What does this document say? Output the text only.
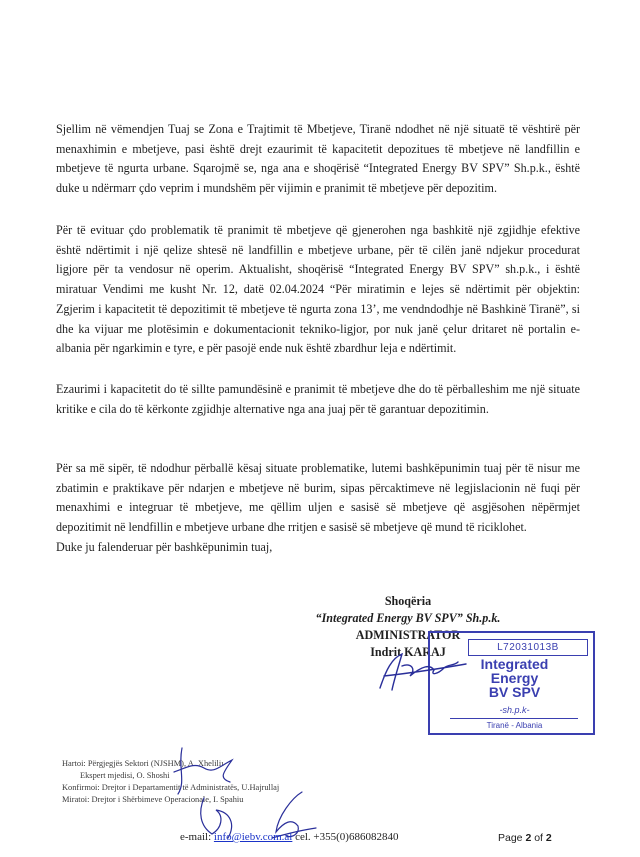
Sjellim në vëmendjen Tuaj se Zona e Trajtimit të Mbetjeve, Tiranë ndodhet në një situatë të vështirë për menaxhimin e mbetjeve, pasi është drejt ezaurimit të kapacitetit depozitues të mbetjeve në landfillin e mbetjeve të ngurta urbane. Sqarojmë se, nga ana e shoqërisë “Integrated Energy BV SPV” Sh.p.k., është duke u ndërmarr çdo veprim i mundshëm për vijimin e pranimit të mbetjeve për depozitim.

Për të evituar çdo problematik të pranimit të mbetjeve që gjenerohen nga bashkitë një zgjidhje efektive është ndërtimit i një qelize shtesë në landfillin e mbetjeve urbane, për të cilën janë ndjekur procedurat ligjore për ta vendosur në operim. Aktualisht, shoqërisë “Integrated Energy BV SPV” sh.p.k., i është miratuar Vendimi me kusht Nr. 12, datë 02.04.2024 “Për miratimin e lejes së ndërtimit për objektin: Zgjerim i kapacitetit të depozitimit të mbetjeve të ngurta zona 13’, me vendndodhje në Bashkinë Tiranë”, si dhe ka vijuar me plotësimin e dokumentacionit tekniko-ligjor, por nuk janë çelur dritaret në portalin e-albania për ngarkimin e tyre, e për pasojë ende nuk është zbardhur leja e ndërtimit.

Ezaurimi i kapacitetit do të sillte pamundësinë e pranimit të mbetjeve dhe do të përballeshim me një situate kritike e cila do të kërkonte zgjidhje alternative nga ana juaj për të garantuar depozitimin.

Për sa më sipër, të ndodhur përballë kësaj situate problematike, lutemi bashkëpunimin tuaj për të nisur me zbatimin e praktikave për ndarjen e mbetjeve në burim, sipas përcaktimeve në legjislacionin në fuqi për menaxhimi e integruar të mbetjeve, me qëllim uljen e sasisë së mbetjeve që asgjësohen nëpërmjet depozitimit në lendfillin e mbetjeve urbane dhe rritjen e sasisë së mbetjeve që mund të riciklohet.

Duke ju falenderuar për bashkëpunimin tuaj,

Shoqëria
“Integrated Energy BV SPV” Sh.p.k.
ADMINISTRATOR
Indrit KARAJ	L72031013B
Integrated
Energy
BV SPV
-sh.p.k-
Tiranë - Albania
Hartoi: Përgjegjës Sektori (NJSHM), A. Xheliliı
Ekspert mjedisi, O. Shoshi
Konfirmoi: Drejtor i Departamentit të Administratës, U.Hajrullaj
Miratoi: Drejtor i Shërbimeve Operacionale, I. Spahiu
e-mail: info@iebv.com.al cel. +355(0)686082840	Page 2 of 2
